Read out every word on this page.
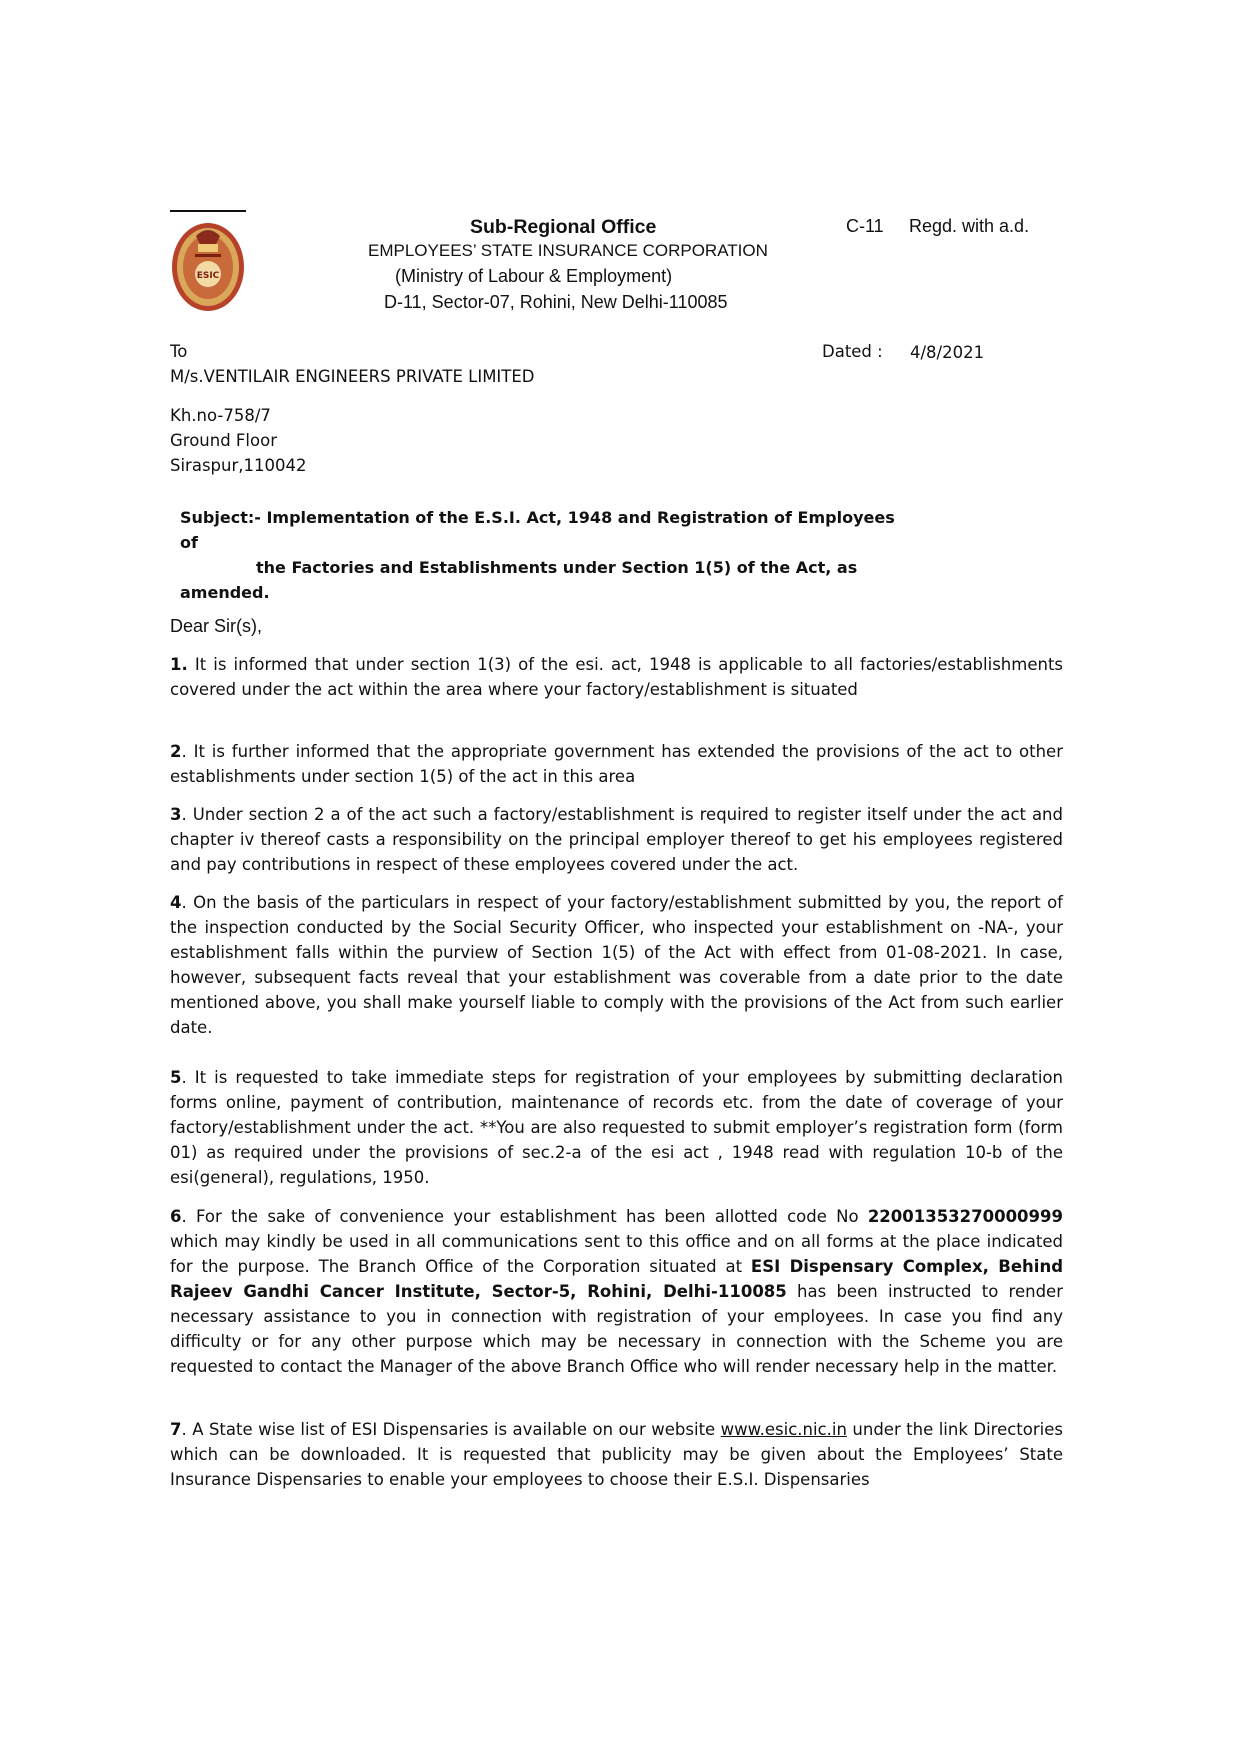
ESIC
Sub-Regional Office
EMPLOYEES’ STATE INSURANCE CORPORATION
(Ministry of Labour & Employment)
D-11, Sector-07, Rohini, New Delhi-110085
C-11 Regd. with a.d.
To	Dated : 4/8/2021
M/s.VENTILAIR ENGINEERS PRIVATE LIMITED
Kh.no-758/7
Ground Floor
Siraspur,110042
Subject:- Implementation of the E.S.I. Act, 1948 and Registration of Employees of
the Factories and Establishments under Section 1(5) of the Act, as
amended.
Dear Sir(s),

1. It is informed that under section 1(3) of the esi. act, 1948 is applicable to all factories/establishments covered under the act within the area where your factory/establishment is situated

2. It is further informed that the appropriate government has extended the provisions of the act to other establishments under section 1(5) of the act in this area

3. Under section 2 a of the act such a factory/establishment is required to register itself under the act and chapter iv thereof casts a responsibility on the principal employer thereof to get his employees registered and pay contributions in respect of these employees covered under the act.

4. On the basis of the particulars in respect of your factory/establishment submitted by you, the report of the inspection conducted by the Social Security Officer, who inspected your establishment on -NA-, your establishment falls within the purview of Section 1(5) of the Act with effect from 01-08-2021. In case, however, subsequent facts reveal that your establishment was coverable from a date prior to the date mentioned above, you shall make yourself liable to comply with the provisions of the Act from such earlier date.

5. It is requested to take immediate steps for registration of your employees by submitting declaration forms online, payment of contribution, maintenance of records etc. from the date of coverage of your factory/establishment under the act. **You are also requested to submit employer’s registration form (form 01) as required under the provisions of sec.2-a of the esi act , 1948 read with regulation 10-b of the esi(general), regulations, 1950.

6. For the sake of convenience your establishment has been allotted code No 22001353270000999 which may kindly be used in all communications sent to this office and on all forms at the place indicated for the purpose. The Branch Office of the Corporation situated at ESI Dispensary Complex, Behind Rajeev Gandhi Cancer Institute, Sector-5, Rohini, Delhi-110085 has been instructed to render necessary assistance to you in connection with registration of your employees. In case you find any difficulty or for any other purpose which may be necessary in connection with the Scheme you are requested to contact the Manager of the above Branch Office who will render necessary help in the matter.

7. A State wise list of ESI Dispensaries is available on our website www.esic.nic.in under the link Directories which can be downloaded. It is requested that publicity may be given about the Employees’ State Insurance Dispensaries to enable your employees to choose their E.S.I. Dispensaries
